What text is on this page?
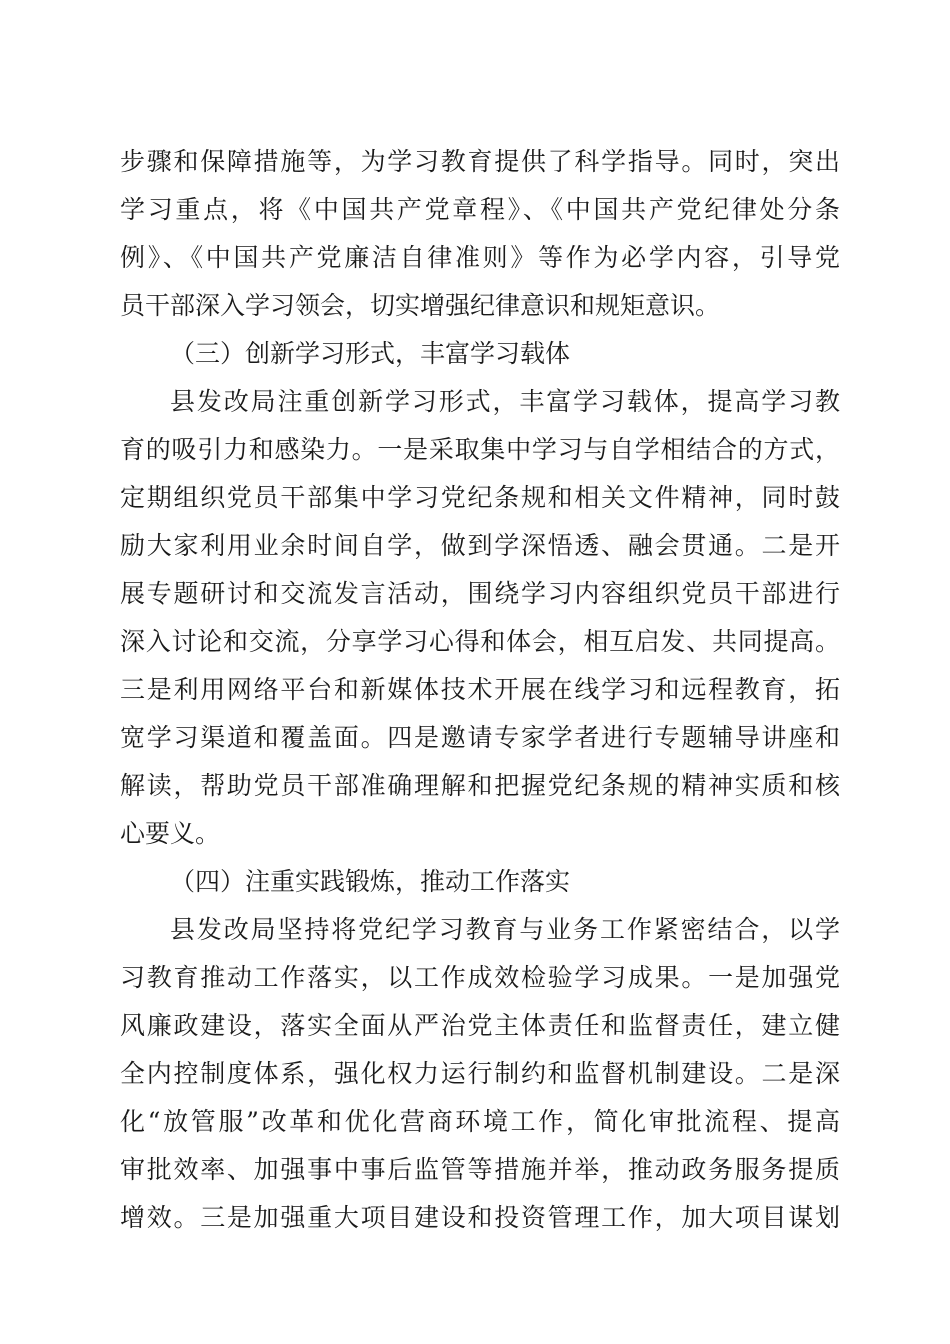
步骤和保障措施等，为学习教育提供了科学指导。同时，突出
学习重点，将《中国共产党章程》、《中国共产党纪律处分条
例》、《中国共产党廉洁自律准则》等作为必学内容，引导党
员干部深入学习领会，切实增强纪律意识和规矩意识。
（三）创新学习形式，丰富学习载体
县发改局注重创新学习形式，丰富学习载体，提高学习教
育的吸引力和感染力。一是采取集中学习与自学相结合的方式，
定期组织党员干部集中学习党纪条规和相关文件精神，同时鼓
励大家利用业余时间自学，做到学深悟透、融会贯通。二是开
展专题研讨和交流发言活动，围绕学习内容组织党员干部进行
深入讨论和交流，分享学习心得和体会，相互启发、共同提高。
三是利用网络平台和新媒体技术开展在线学习和远程教育，拓
宽学习渠道和覆盖面。四是邀请专家学者进行专题辅导讲座和
解读，帮助党员干部准确理解和把握党纪条规的精神实质和核
心要义。
（四）注重实践锻炼，推动工作落实
县发改局坚持将党纪学习教育与业务工作紧密结合，以学
习教育推动工作落实，以工作成效检验学习成果。一是加强党
风廉政建设，落实全面从严治党主体责任和监督责任，建立健
全内控制度体系，强化权力运行制约和监督机制建设。二是深
化“放管服”改革和优化营商环境工作，简化审批流程、提高
审批效率、加强事中事后监管等措施并举，推动政务服务提质
增效。三是加强重大项目建设和投资管理工作，加大项目谋划
